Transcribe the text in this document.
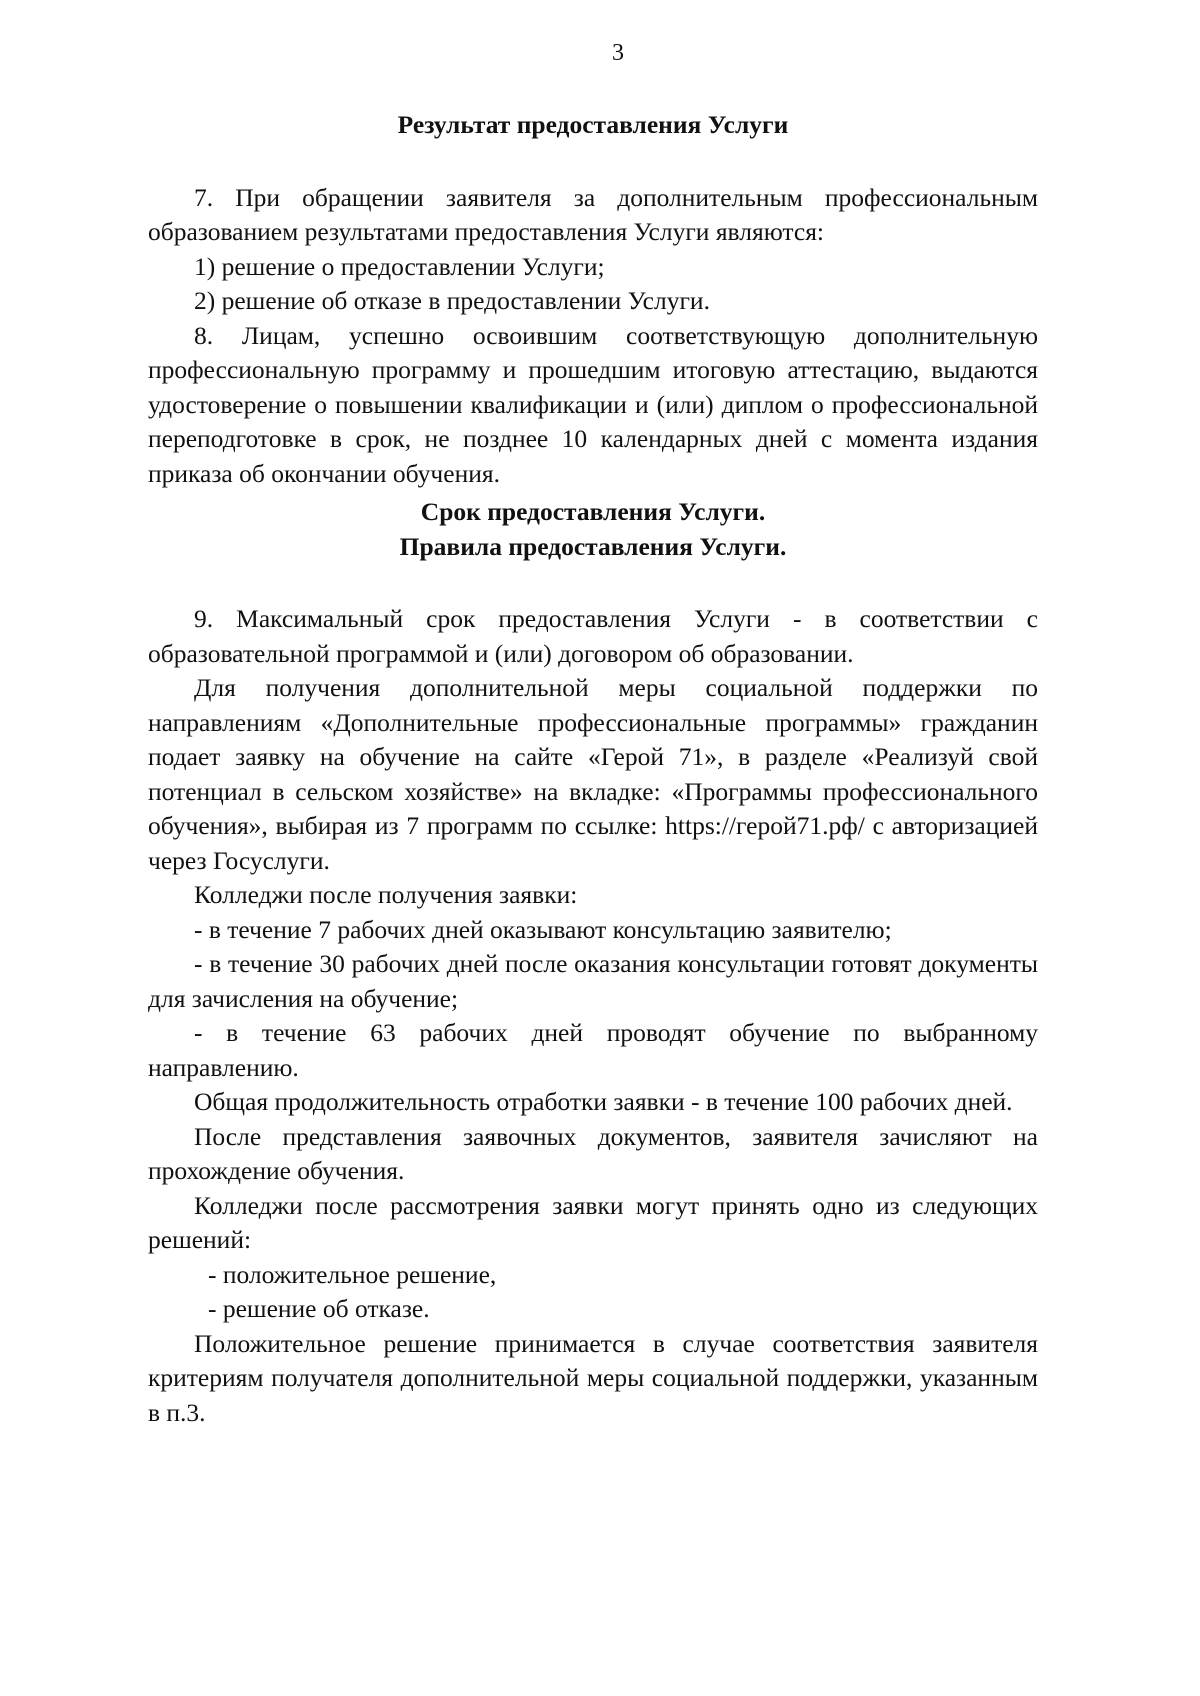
3

Результат предоставления Услуги

7. При обращении заявителя за дополнительным профессиональным образованием результатами предоставления Услуги являются:

1) решение о предоставлении Услуги;

2) решение об отказе в предоставлении Услуги.

8. Лицам, успешно освоившим соответствующую дополнительную профессиональную программу и прошедшим итоговую аттестацию, выдаются удостоверение о повышении квалификации и (или) диплом о профессиональной переподготовке в срок, не позднее 10 календарных дней с момента издания приказа об окончании обучения.

Срок предоставления Услуги.

Правила предоставления Услуги.

9. Максимальный срок предоставления Услуги - в соответствии с образовательной программой и (или) договором об образовании.

Для получения дополнительной меры социальной поддержки по направлениям «Дополнительные профессиональные программы» гражданин подает заявку на обучение на сайте «Герой 71», в разделе «Реализуй свой потенциал в сельском хозяйстве» на вкладке: «Программы профессионального обучения», выбирая из 7 программ по ссылке: https://герой71.рф/ с авторизацией через Госуслуги.

Колледжи после получения заявки:

- в течение 7 рабочих дней оказывают консультацию заявителю;

- в течение 30 рабочих дней после оказания консультации готовят документы для зачисления на обучение;

- в течение 63 рабочих дней проводят обучение по выбранному направлению.

Общая продолжительность отработки заявки - в течение 100 рабочих дней.

После представления заявочных документов, заявителя зачисляют на прохождение обучения.

Колледжи после рассмотрения заявки могут принять одно из следующих решений:

- положительное решение,

- решение об отказе.

Положительное решение принимается в случае соответствия заявителя критериям получателя дополнительной меры социальной поддержки, указанным в п.3.
